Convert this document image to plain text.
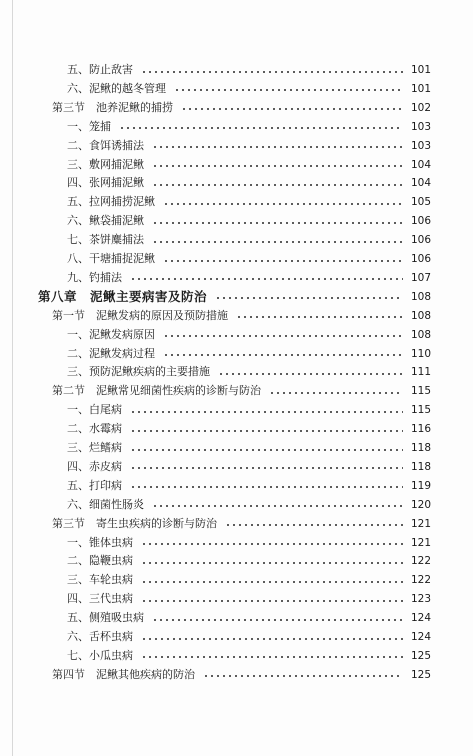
五、防止敌害	101
六、泥鳅的越冬管理	101
第三节　池养泥鳅的捕捞	102
一、笼捕	103
二、食饵诱捕法	103
三、敷网捕泥鳅	104
四、张网捕泥鳅	104
五、拉网捕捞泥鳅	105
六、鳅袋捕泥鳅	106
七、茶饼麋捕法	106
八、干塘捕捉泥鳅	106
九、钓捕法	107
第八章　泥鳅主要病害及防治	108
第一节　泥鳅发病的原因及预防措施	108
一、泥鳅发病原因	108
二、泥鳅发病过程	110
三、预防泥鳅疾病的主要措施	111
第二节　泥鳅常见细菌性疾病的诊断与防治	115
一、白尾病	115
二、水霉病	116
三、烂鳍病	118
四、赤皮病	118
五、打印病	119
六、细菌性肠炎	120
第三节　寄生虫疾病的诊断与防治	121
一、锥体虫病	121
二、隐鞭虫病	122
三、车轮虫病	122
四、三代虫病	123
五、侧殖吸虫病	124
六、舌杯虫病	124
七、小瓜虫病	125
第四节　泥鳅其他疾病的防治	125
